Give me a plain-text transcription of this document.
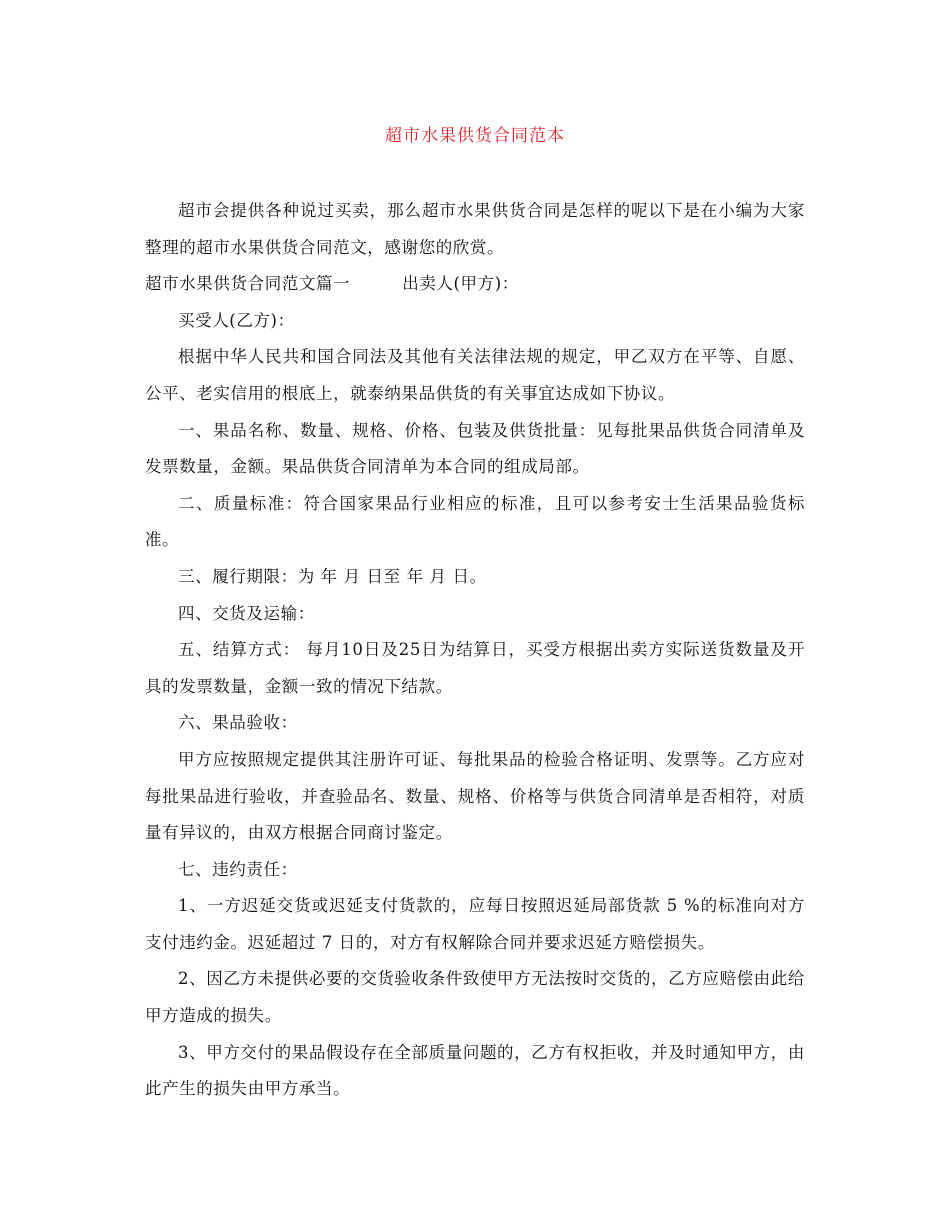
超市水果供货合同范本

超市会提供各种说过买卖，那么超市水果供货合同是怎样的呢以下是在小编为大家整理的超市水果供货合同范文，感谢您的欣赏。

超市水果供货合同范文篇一	出卖人(甲方)：

买受人(乙方)：

根据中华人民共和国合同法及其他有关法律法规的规定，甲乙双方在平等、自愿、公平、老实信用的根底上，就泰纳果品供货的有关事宜达成如下协议。

一、果品名称、数量、规格、价格、包装及供货批量：见每批果品供货合同清单及发票数量，金额。果品供货合同清单为本合同的组成局部。

二、质量标准：符合国家果品行业相应的标准，且可以参考安士生活果品验货标准。

三、履行期限：为 年 月 日至 年 月 日。

四、交货及运输：

五、结算方式： 每月10日及25日为结算日，买受方根据出卖方实际送货数量及开具的发票数量，金额一致的情况下结款。

六、果品验收：

甲方应按照规定提供其注册许可证、每批果品的检验合格证明、发票等。乙方应对每批果品进行验收，并查验品名、数量、规格、价格等与供货合同清单是否相符，对质量有异议的，由双方根据合同商讨鉴定。

七、违约责任：

1、一方迟延交货或迟延支付货款的，应每日按照迟延局部货款 5 %的标准向对方支付违约金。迟延超过 7 日的，对方有权解除合同并要求迟延方赔偿损失。

2、因乙方未提供必要的交货验收条件致使甲方无法按时交货的，乙方应赔偿由此给甲方造成的损失。

3、甲方交付的果品假设存在全部质量问题的，乙方有权拒收，并及时通知甲方，由此产生的损失由甲方承当。
